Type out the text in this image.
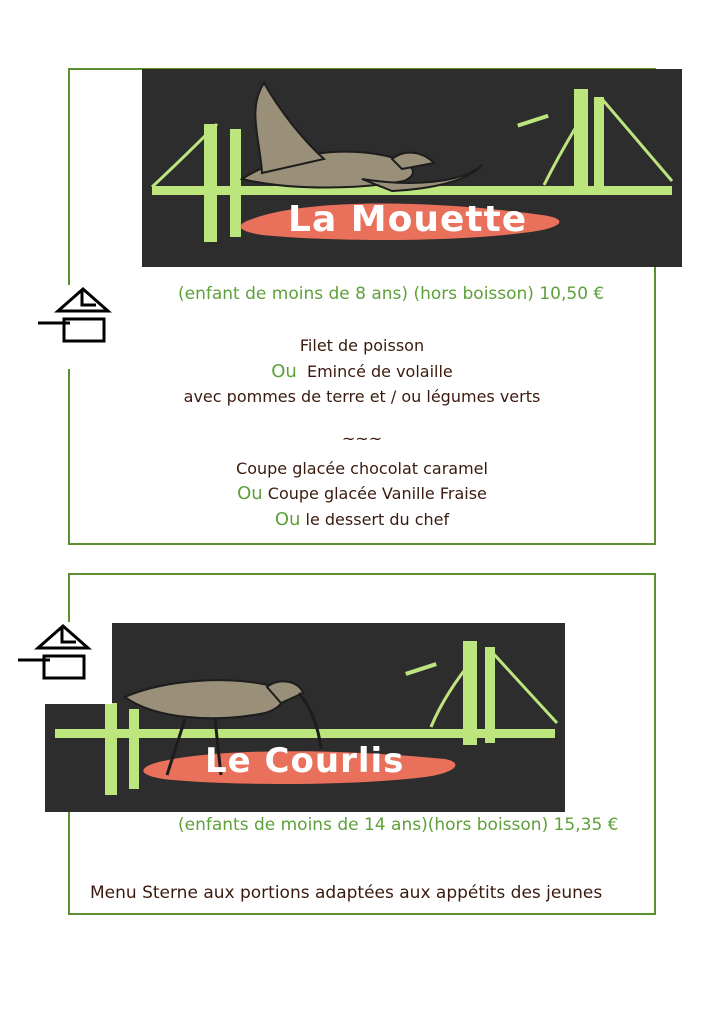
La Mouette
(enfant de moins de 8 ans) (hors boisson) 10,50 €
Filet de poisson
Ou Emincé de volaille
avec pommes de terre et / ou légumes verts
~~~
Coupe glacée chocolat caramel
Ou Coupe glacée Vanille Fraise
Ou le dessert du chef
Le Courlis
(enfants de moins de 14 ans)(hors boisson) 15,35 €
Menu Sterne aux portions adaptées aux appétits des jeunes
